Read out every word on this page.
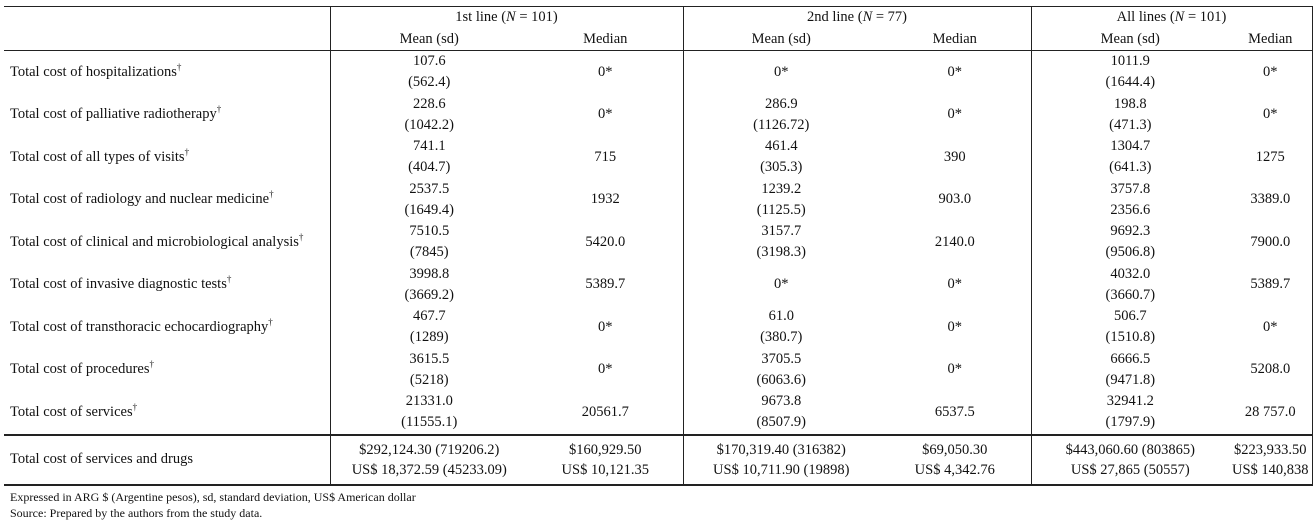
	1st line (N = 101)		2nd line (N = 77)		All lines (N = 101)	
	Mean (sd)	Median	Mean (sd)	Median	Mean (sd)	Median
Total cost of hospitalizations†	107.6
(562.4)	0*	0*	0*	1011.9
(1644.4)	0*
Total cost of palliative radiotherapy†	228.6
(1042.2)	0*	286.9
(1126.72)	0*	198.8
(471.3)	0*
Total cost of all types of visits†	741.1
(404.7)	715	461.4
(305.3)	390	1304.7
(641.3)	1275
Total cost of radiology and nuclear medicine†	2537.5
(1649.4)	1932	1239.2
(1125.5)	903.0	3757.8
2356.6	3389.0
Total cost of clinical and microbiological analysis†	7510.5
(7845)	5420.0	3157.7
(3198.3)	2140.0	9692.3
(9506.8)	7900.0
Total cost of invasive diagnostic tests†	3998.8
(3669.2)	5389.7	0*	0*	4032.0
(3660.7)	5389.7
Total cost of transthoracic echocardiography†	467.7
(1289)	0*	61.0
(380.7)	0*	506.7
(1510.8)	0*
Total cost of procedures†	3615.5
(5218)	0*	3705.5
(6063.6)	0*	6666.5
(9471.8)	5208.0
Total cost of services†	21331.0
(11555.1)	20561.7	9673.8
(8507.9)	6537.5	32941.2
(1797.9)	28 757.0
Total cost of services and drugs	$292,124.30 (719206.2)
US$ 18,372.59 (45233.09)	$160,929.50
US$ 10,121.35	$170,319.40 (316382)
US$ 10,711.90 (19898)	$69,050.30
US$ 4,342.76	$443,060.60 (803865)
US$ 27,865 (50557)	$223,933.50
US$ 140,838
Expressed in ARG $ (Argentine pesos), sd, standard deviation, US$ American dollar
Source: Prepared by the authors from the study data.
